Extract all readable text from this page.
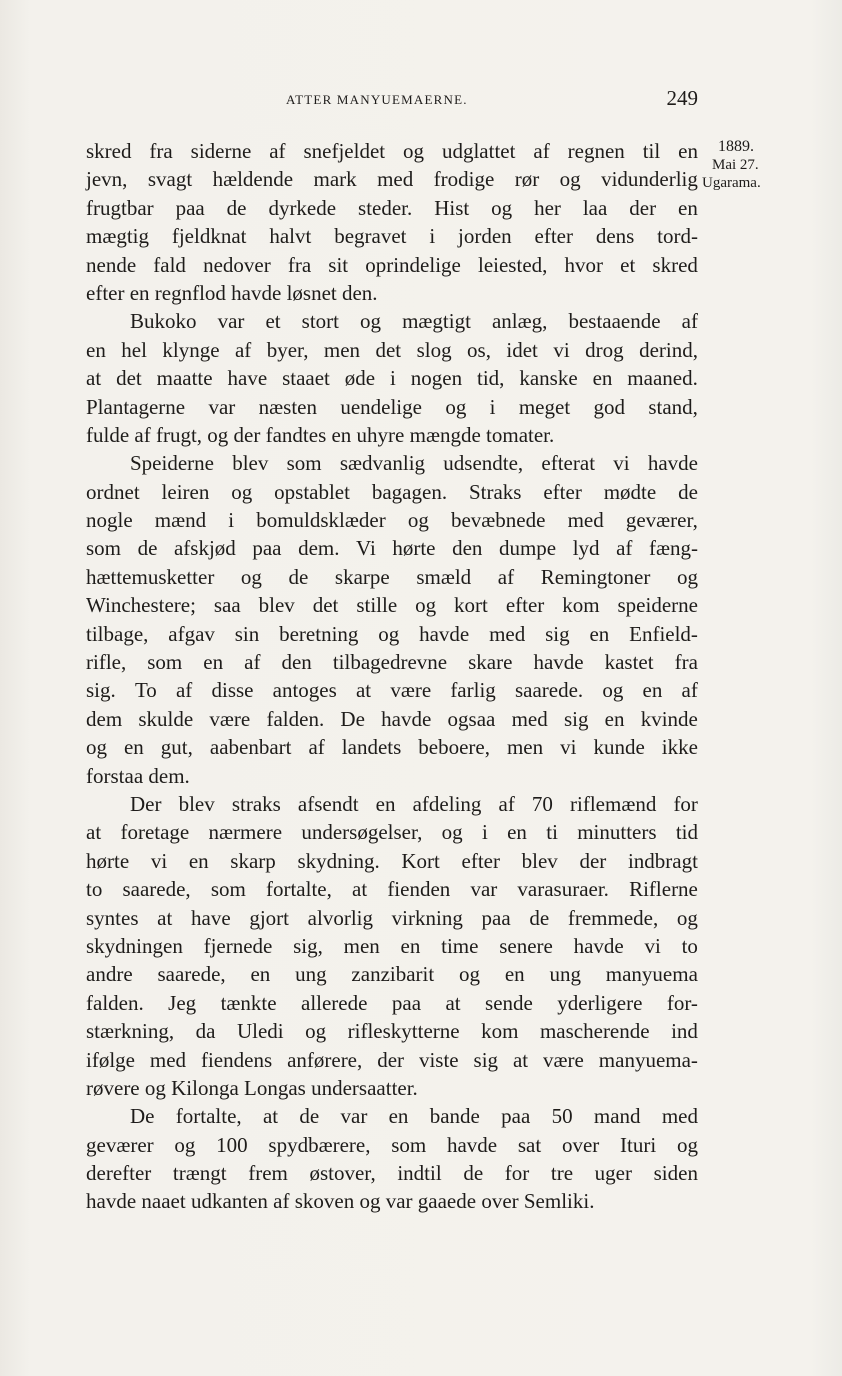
ATTER MANYUEMAERNE.	249
1889.
Mai 27.
Ugarama.
skred fra siderne af snefjeldet og udglattet af regnen til en
jevn, svagt hældende mark med frodige rør og vidunderlig
frugtbar paa de dyrkede steder. Hist og her laa der en
mægtig fjeldknat halvt begravet i jorden efter dens tord-
nende fald nedover fra sit oprindelige leiested, hvor et skred
efter en regnflod havde løsnet den.
Bukoko var et stort og mægtigt anlæg, bestaaende af
en hel klynge af byer, men det slog os, idet vi drog derind,
at det maatte have staaet øde i nogen tid, kanske en maaned.
Plantagerne var næsten uendelige og i meget god stand,
fulde af frugt, og der fandtes en uhyre mængde tomater.
Speiderne blev som sædvanlig udsendte, efterat vi havde
ordnet leiren og opstablet bagagen. Straks efter mødte de
nogle mænd i bomuldsklæder og bevæbnede med geværer,
som de afskjød paa dem. Vi hørte den dumpe lyd af fæng-
hættemusketter og de skarpe smæld af Remingtoner og
Winchestere; saa blev det stille og kort efter kom speiderne
tilbage, afgav sin beretning og havde med sig en Enfield-
rifle, som en af den tilbagedrevne skare havde kastet fra
sig. To af disse antoges at være farlig saarede. og en af
dem skulde være falden. De havde ogsaa med sig en kvinde
og en gut, aabenbart af landets beboere, men vi kunde ikke
forstaa dem.
Der blev straks afsendt en afdeling af 70 riflemænd for
at foretage nærmere undersøgelser, og i en ti minutters tid
hørte vi en skarp skydning. Kort efter blev der indbragt
to saarede, som fortalte, at fienden var varasuraer. Riflerne
syntes at have gjort alvorlig virkning paa de fremmede, og
skydningen fjernede sig, men en time senere havde vi to
andre saarede, en ung zanzibarit og en ung manyuema
falden. Jeg tænkte allerede paa at sende yderligere for-
stærkning, da Uledi og rifleskytterne kom mascherende ind
ifølge med fiendens anførere, der viste sig at være manyuema-
røvere og Kilonga Longas undersaatter.
De fortalte, at de var en bande paa 50 mand med
geværer og 100 spydbærere, som havde sat over Ituri og
derefter trængt frem østover, indtil de for tre uger siden
havde naaet udkanten af skoven og var gaaede over Semliki.
